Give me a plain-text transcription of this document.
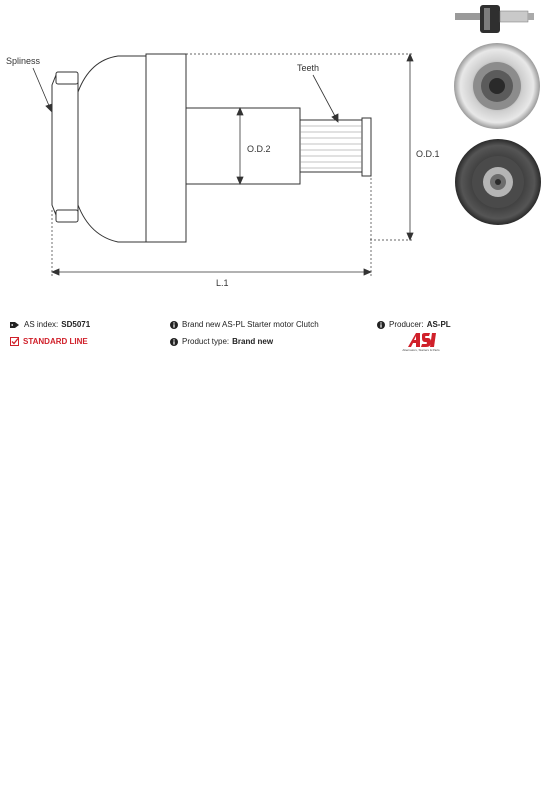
Spliness
Teeth
O.D.2	O.D.1
L.1
AS index: SD5071
STANDARD LINE
Brand new AS-PL Starter motor Clutch
Product type: Brand new
Producer: AS-PL
Alternators, Starters & Parts
